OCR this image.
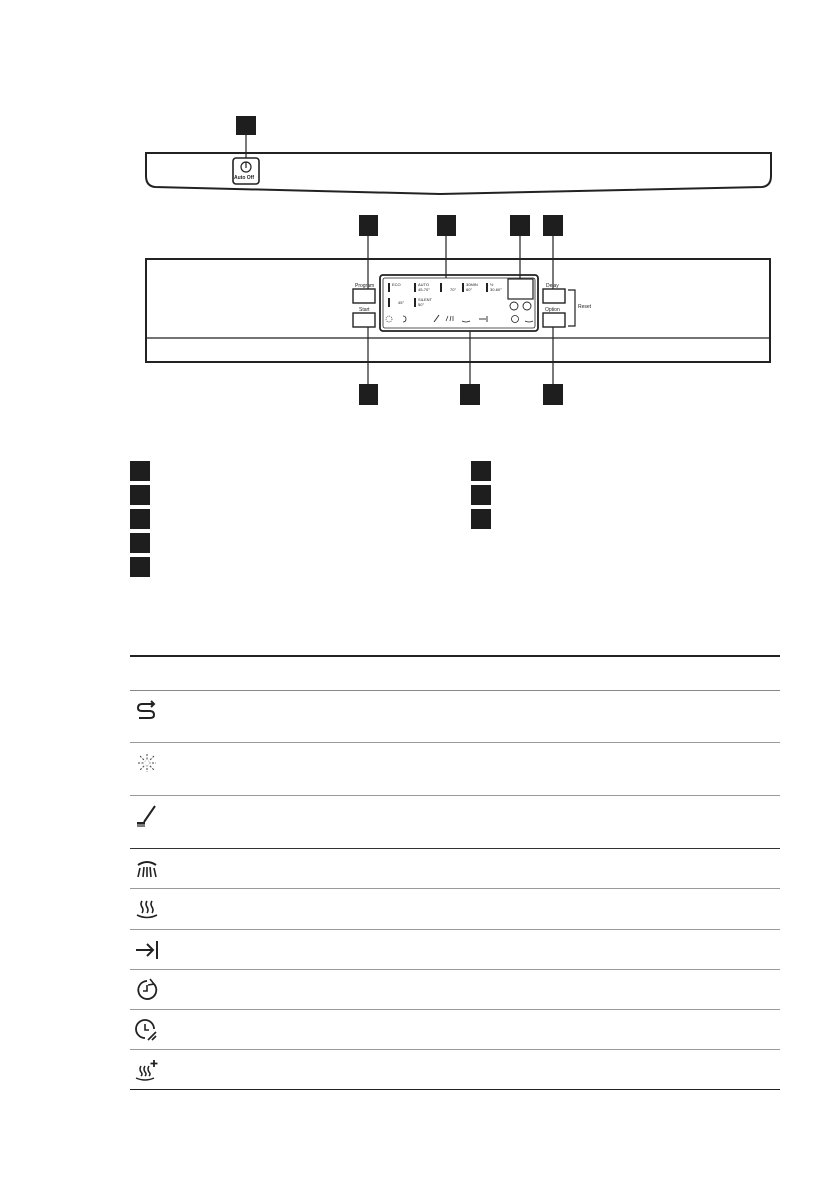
Auto Off
Program
Start
Delay
Option	Reset
ECO	AUTO
45-70°	70°
30MIN
60°
½
30-60°
45°
SILENT
50°
